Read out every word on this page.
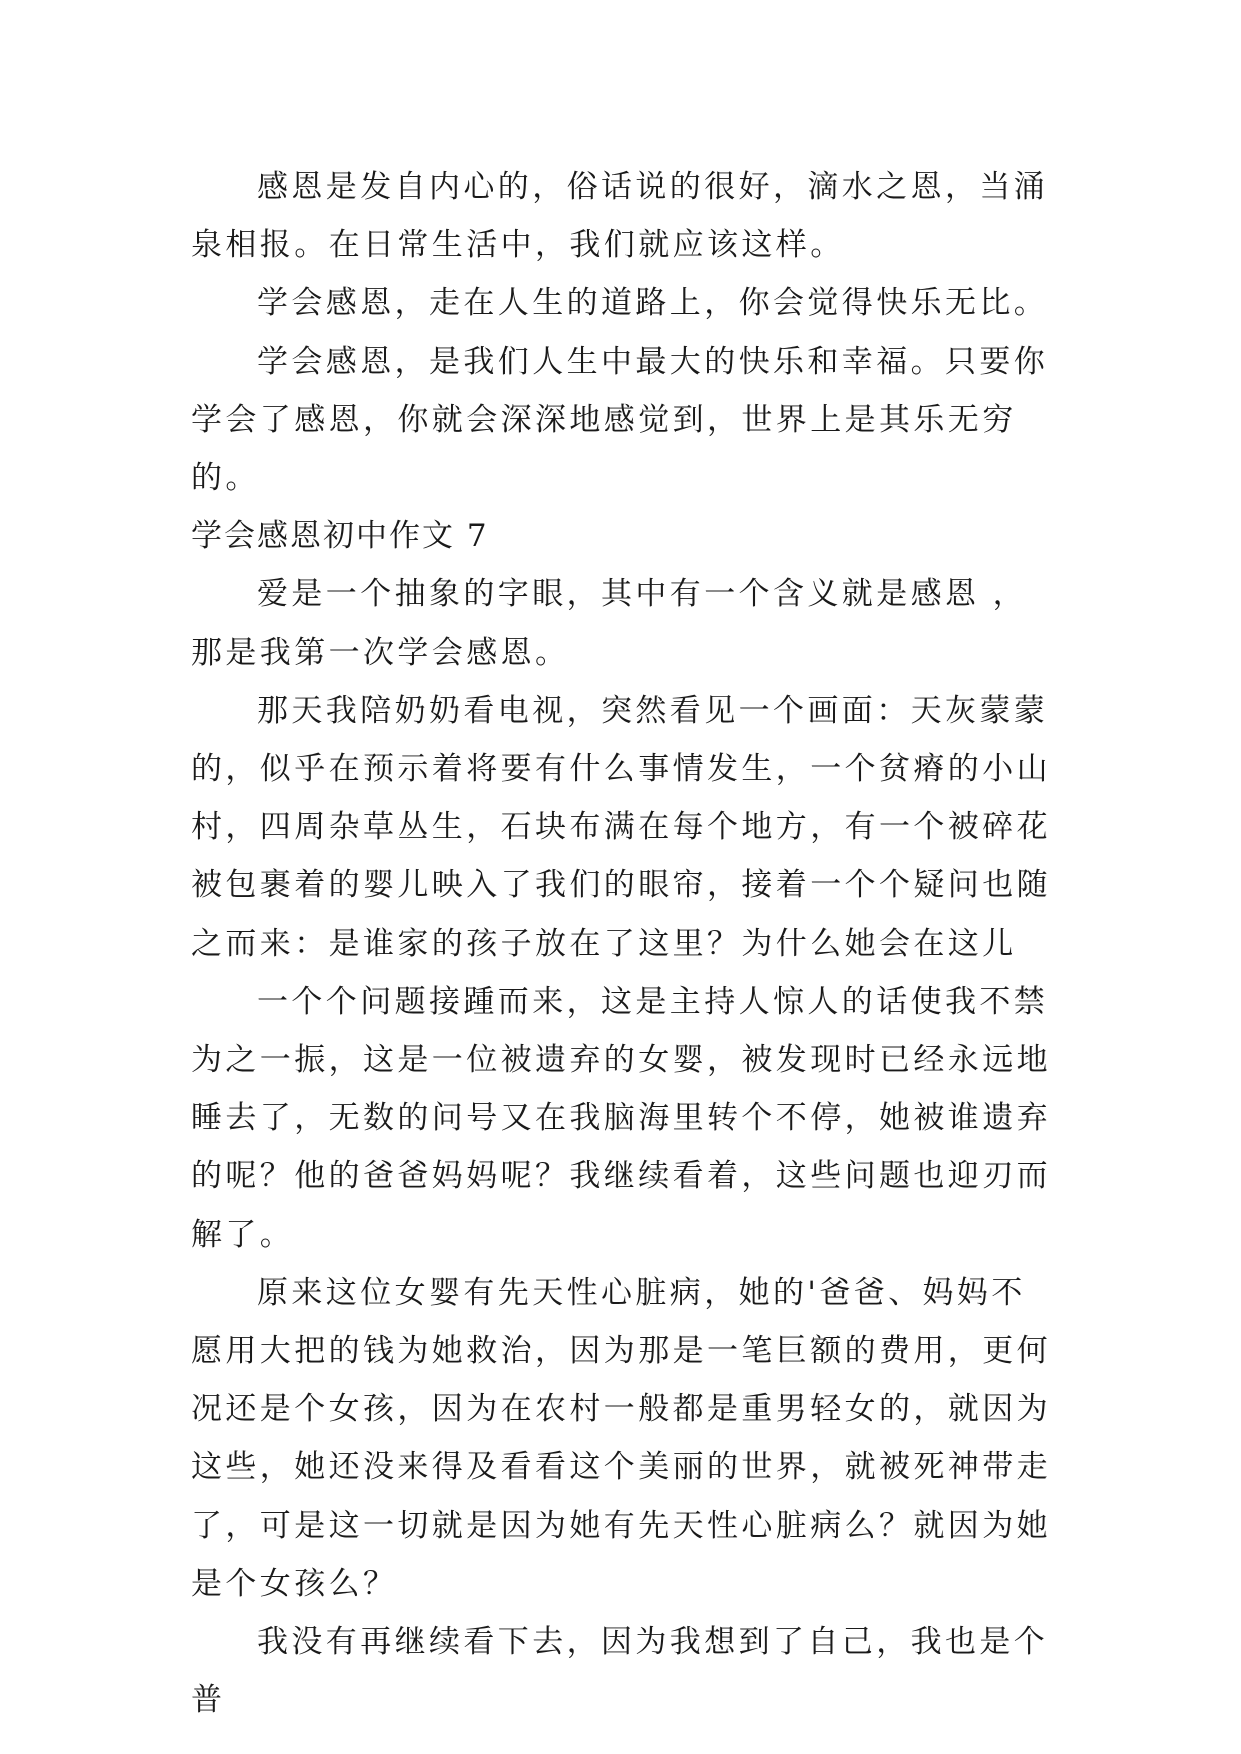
感恩是发自内心的，俗话说的很好，滴水之恩，当涌泉相报。在日常生活中，我们就应该这样。

学会感恩，走在人生的道路上，你会觉得快乐无比。

学会感恩，是我们人生中最大的快乐和幸福。只要你学会了感恩，你就会深深地感觉到，世界上是其乐无穷的。

学会感恩初中作文 7

爱是一个抽象的字眼，其中有一个含义就是感恩 ，那是我第一次学会感恩。

那天我陪奶奶看电视，突然看见一个画面：天灰蒙蒙的，似乎在预示着将要有什么事情发生，一个贫瘠的小山村，四周杂草丛生，石块布满在每个地方，有一个被碎花被包裹着的婴儿映入了我们的眼帘，接着一个个疑问也随之而来：是谁家的孩子放在了这里？为什么她会在这儿

一个个问题接踵而来，这是主持人惊人的话使我不禁为之一振，这是一位被遗弃的女婴，被发现时已经永远地睡去了，无数的问号又在我脑海里转个不停，她被谁遗弃的呢？他的爸爸妈妈呢？我继续看着，这些问题也迎刃而解了。

原来这位女婴有先天性心脏病，她的'爸爸、妈妈不愿用大把的钱为她救治，因为那是一笔巨额的费用，更何况还是个女孩，因为在农村一般都是重男轻女的，就因为这些，她还没来得及看看这个美丽的世界，就被死神带走了，可是这一切就是因为她有先天性心脏病么？就因为她是个女孩么？

我没有再继续看下去，因为我想到了自己，我也是个普
